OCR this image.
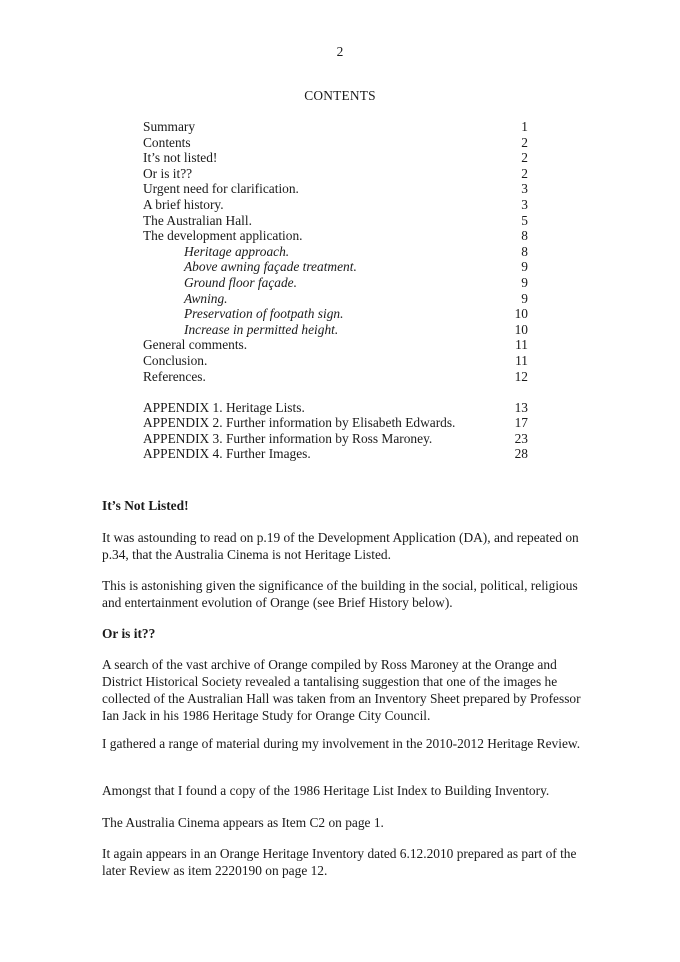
2
CONTENTS
Summary	1
Contents	2
It’s not listed!	2
Or is it??	2
Urgent need for clarification.	3
A brief history.	3
The Australian Hall.	5
The development application.	8
Heritage approach.	8
Above awning façade treatment.	9
Ground floor façade.	9
Awning.	9
Preservation of footpath sign.	10
Increase in permitted height.	10
General comments.	11
Conclusion.	11
References.	12
APPENDIX 1. Heritage Lists.	13
APPENDIX 2. Further information by Elisabeth Edwards.	17
APPENDIX 3. Further information by Ross Maroney.	23
APPENDIX 4. Further Images.	28
It’s Not Listed!
It was astounding to read on p.19 of the Development Application (DA), and repeated on p.34, that the Australia Cinema is not Heritage Listed.
This is astonishing given the significance of the building in the social, political, religious and entertainment evolution of Orange (see Brief History below).
Or is it??
A search of the vast archive of Orange compiled by Ross Maroney at the Orange and District Historical Society revealed a tantalising suggestion that one of the images he collected of the Australian Hall was taken from an Inventory Sheet prepared by Professor Ian Jack in his 1986 Heritage Study for Orange City Council.
I gathered a range of material during my involvement in the 2010-2012 Heritage Review.
Amongst that I found a copy of the 1986 Heritage List Index to Building Inventory.
The Australia Cinema appears as Item C2 on page 1.
It again appears in an Orange Heritage Inventory dated 6.12.2010 prepared as part of the later Review as item 2220190 on page 12.
